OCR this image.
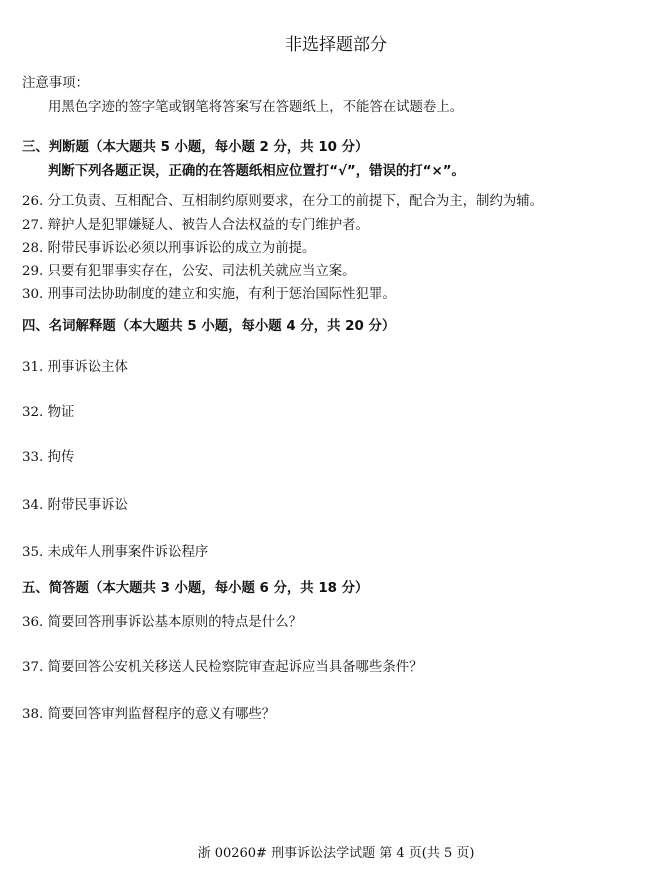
非选择题部分
注意事项：
用黑色字迹的签字笔或钢笔将答案写在答题纸上，不能答在试题卷上。
三、判断题（本大题共 5 小题，每小题 2 分，共 10 分）
判断下列各题正误，正确的在答题纸相应位置打“√”，错误的打“×”。
26. 分工负责、互相配合、互相制约原则要求，在分工的前提下，配合为主，制约为辅。
27. 辩护人是犯罪嫌疑人、被告人合法权益的专门维护者。
28. 附带民事诉讼必须以刑事诉讼的成立为前提。
29. 只要有犯罪事实存在，公安、司法机关就应当立案。
30. 刑事司法协助制度的建立和实施，有利于惩治国际性犯罪。
四、名词解释题（本大题共 5 小题，每小题 4 分，共 20 分）
31. 刑事诉讼主体
32. 物证
33. 拘传
34. 附带民事诉讼
35. 未成年人刑事案件诉讼程序
五、简答题（本大题共 3 小题，每小题 6 分，共 18 分）
36. 简要回答刑事诉讼基本原则的特点是什么？
37. 简要回答公安机关移送人民检察院审查起诉应当具备哪些条件？
38. 简要回答审判监督程序的意义有哪些？
浙 00260# 刑事诉讼法学试题 第 4 页(共 5 页)
